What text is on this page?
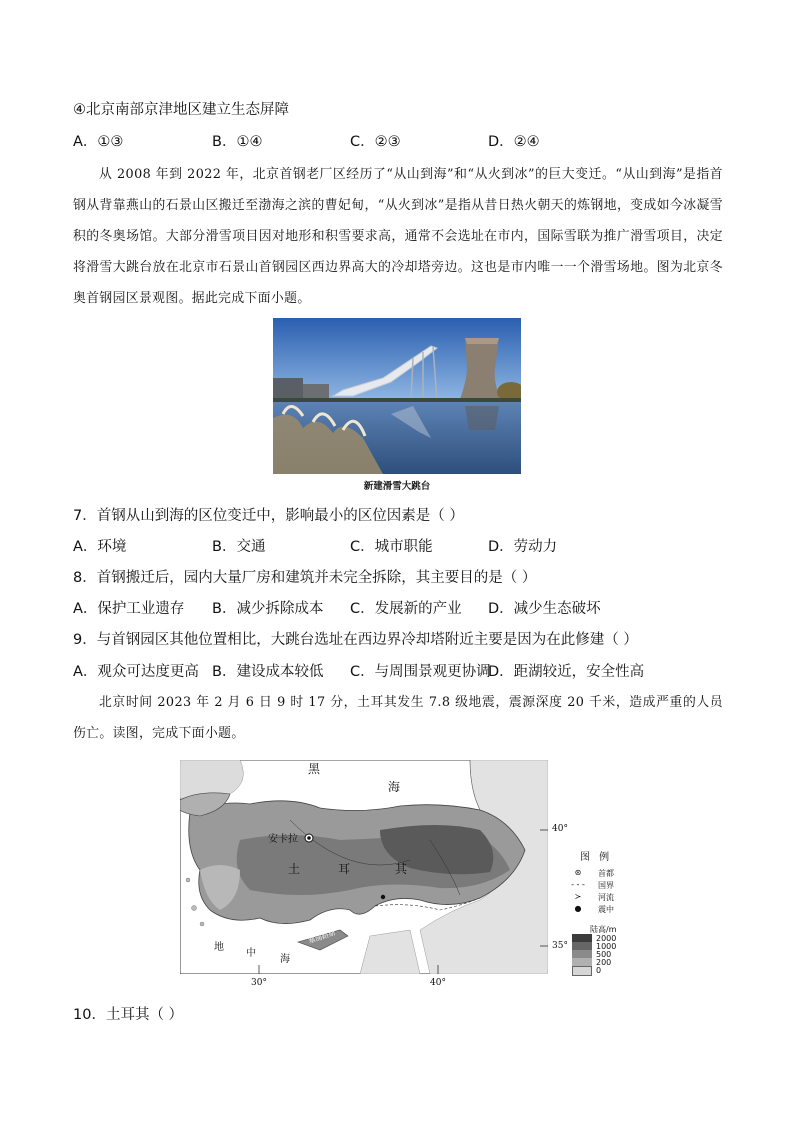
④北京南部京津地区建立生态屏障
A．①③	B．①④	C．②③	D．②④
从 2008 年到 2022 年，北京首钢老厂区经历了“从山到海”和“从火到冰”的巨大变迁。“从山到海”是指首钢从背靠燕山的石景山区搬迁至渤海之滨的曹妃甸，“从火到冰”是指从昔日热火朝天的炼钢地，变成如今冰凝雪积的冬奥场馆。大部分滑雪项目因对地形和积雪要求高，通常不会选址在市内，国际雪联为推广滑雪项目，决定将滑雪大跳台放在北京市石景山首钢园区西边界高大的冷却塔旁边。这也是市内唯一一个滑雪场地。图为北京冬奥首钢园区景观图。据此完成下面小题。
新建滑雪大跳台
7．首钢从山到海的区位变迁中，影响最小的区位因素是（ ）
A．环境	B．交通	C．城市职能	D．劳动力
8．首钢搬迁后，园内大量厂房和建筑并未完全拆除，其主要目的是（ ）
A．保护工业遗存 B．减少拆除成本 C．发展新的产业 D．减少生态破坏
9．与首钢园区其他位置相比，大跳台选址在西边界冷却塔附近主要是因为在此修建（ ）
A．观众可达度更高 B．建设成本较低 C．与周围景观更协调
D．距湖较近，安全性高
北京时间 2023 年 2 月 6 日 9 时 17 分，土耳其发生 7.8 级地震，震源深度 20 千米，造成严重的人员伤亡。读图，完成下面小题。
黑
海
安卡拉
土	耳	其
地
中
海
塞浦路斯
40°
35°
30°	40°
图 例
⊛	首都
- - -	国界
≻	河流
●	震中
陆高/m
2000
1000
500
200
0
10．土耳其（ ）
